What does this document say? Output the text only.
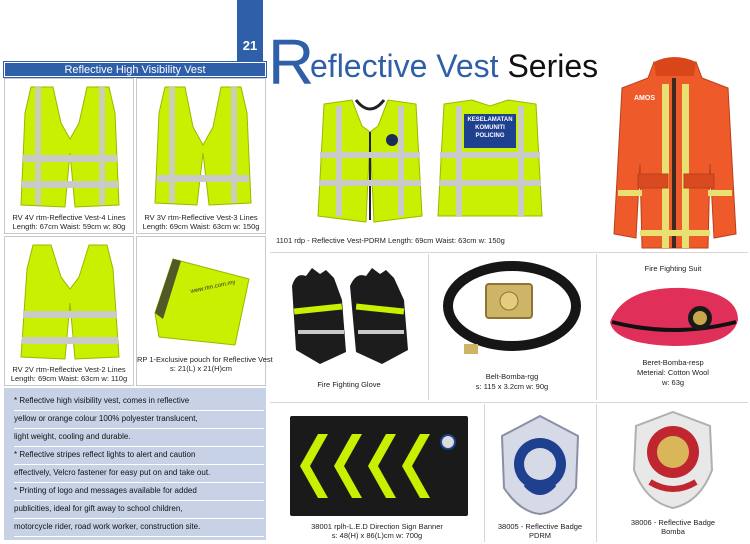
21 R
eflective Vest Series
Reflective High Visibility Vest
RV 4V rtm-Reflective Vest-4 Lines
Length: 67cm Waist: 59cm w: 80g
RV 3V rtm-Reflective Vest-3 Lines
Length: 69cm Waist: 63cm w: 150g
RV 2V rtm-Reflective Vest-2 Lines
Length: 69cm Waist: 63cm w: 110g
www.rtm.com.my
RP 1-Exclusive pouch for Reflective Vest
s: 21(L) x 21(H)cm
* Reflective high visibility vest, comes in reflective
yellow or orange colour 100% polyester translucent,
light weight, cooling and durable.
* Reflective stripes reflect lights to alert and caution
effectively, Velcro fastener for easy put on and take out.
* Printing of logo and messages available for added
publicities, ideal for gift away to school children,
motorcycle rider, road work worker, construction site.
KESELAMATAN KOMUNITI POLICING
1101 rdp - Reflective Vest-PDRM Length: 69cm Waist: 63cm w: 150g
AMOS
Fire Fighting Suit
Fire Fighting Glove
Belt-Bomba-rgg
s: 115 x 3.2cm w: 90g
Beret-Bomba-resp
Meterial: Cotton Wool
w: 63g
38001 rplh-L.E.D Direction Sign Banner
s: 48(H) x 86(L)cm w: 700g
38005 - Reflective Badge
PDRM
38006 - Reflective Badge
Bomba
